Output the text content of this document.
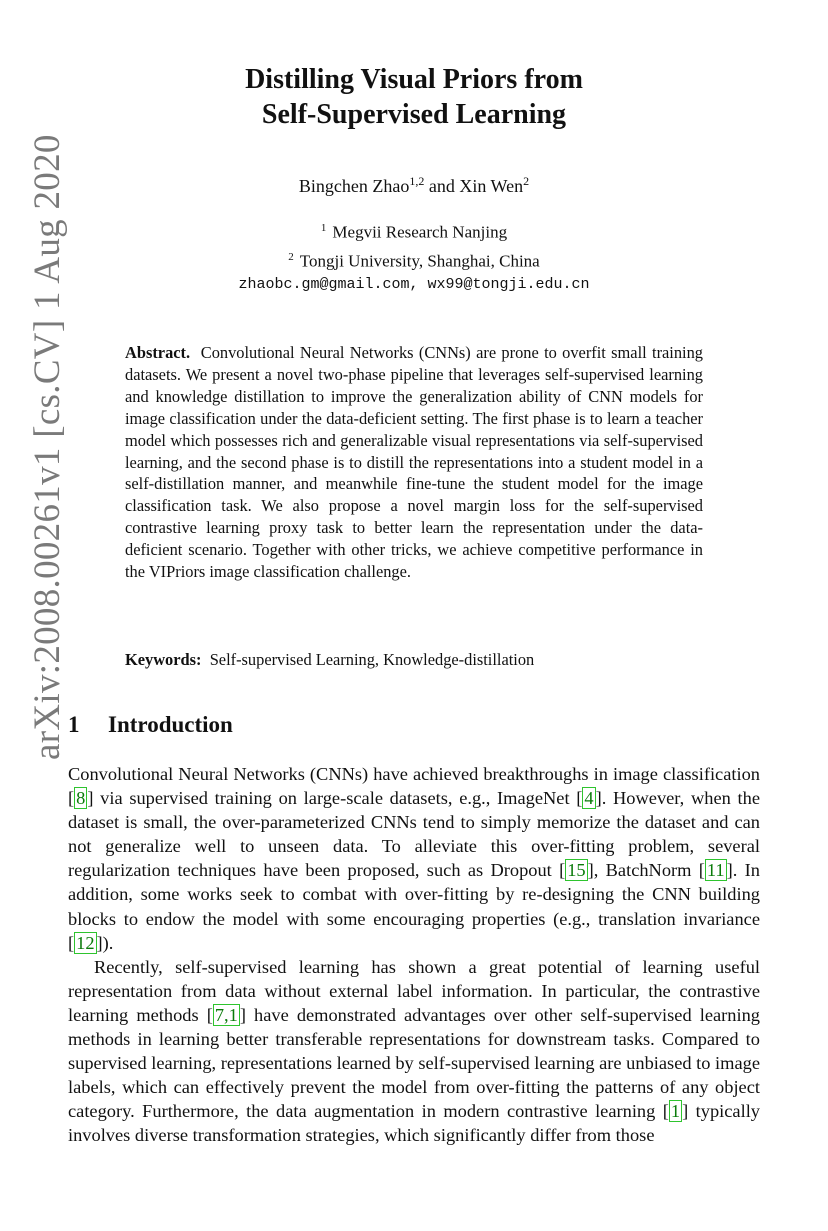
arXiv:2008.00261v1 [cs.CV] 1 Aug 2020
Distilling Visual Priors from
Self-Supervised Learning
Bingchen Zhao$^{1,2}$ and Xin Wen$^2$
$^1$ Megvii Research Nanjing
$^2$ Tongji University, Shanghai, China
zhaobc.gm@gmail.com, wx99@tongji.edu.cn
Abstract. Convolutional Neural Networks (CNNs) are prone to overfit small training datasets. We present a novel two-phase pipeline that leverages self-supervised learning and knowledge distillation to improve the generalization ability of CNN models for image classification under the data-deficient setting. The first phase is to learn a teacher model which possesses rich and generalizable visual representations via self-supervised learning, and the second phase is to distill the representations into a student model in a self-distillation manner, and meanwhile fine-tune the student model for the image classification task. We also propose a novel margin loss for the self-supervised contrastive learning proxy task to better learn the representation under the data-deficient scenario. Together with other tricks, we achieve competitive performance in the VIPriors image classification challenge.
Keywords: Self-supervised Learning, Knowledge-distillation
1 Introduction

Convolutional Neural Networks (CNNs) have achieved breakthroughs in image classification [ 8 ] via supervised training on large-scale datasets, e.g., ImageNet [ 4 ]. However, when the dataset is small, the over-parameterized CNNs tend to simply memorize the dataset and can not generalize well to unseen data. To alleviate this over-fitting problem, several regularization techniques have been proposed, such as Dropout [ 15 ], BatchNorm [ 11 ]. In addition, some works seek to combat with over-fitting by re-designing the CNN building blocks to endow the model with some encouraging properties (e.g., translation invariance [ 12 ]).

Recently, self-supervised learning has shown a great potential of learning useful representation from data without external label information. In particular, the contrastive learning methods [ 7,1 ] have demonstrated advantages over other self-supervised learning methods in learning better transferable representations for downstream tasks. Compared to supervised learning, representations learned by self-supervised learning are unbiased to image labels, which can effectively prevent the model from over-fitting the patterns of any object category. Furthermore, the data augmentation in modern contrastive learning [ 1 ] typically involves diverse transformation strategies, which significantly differ from those
